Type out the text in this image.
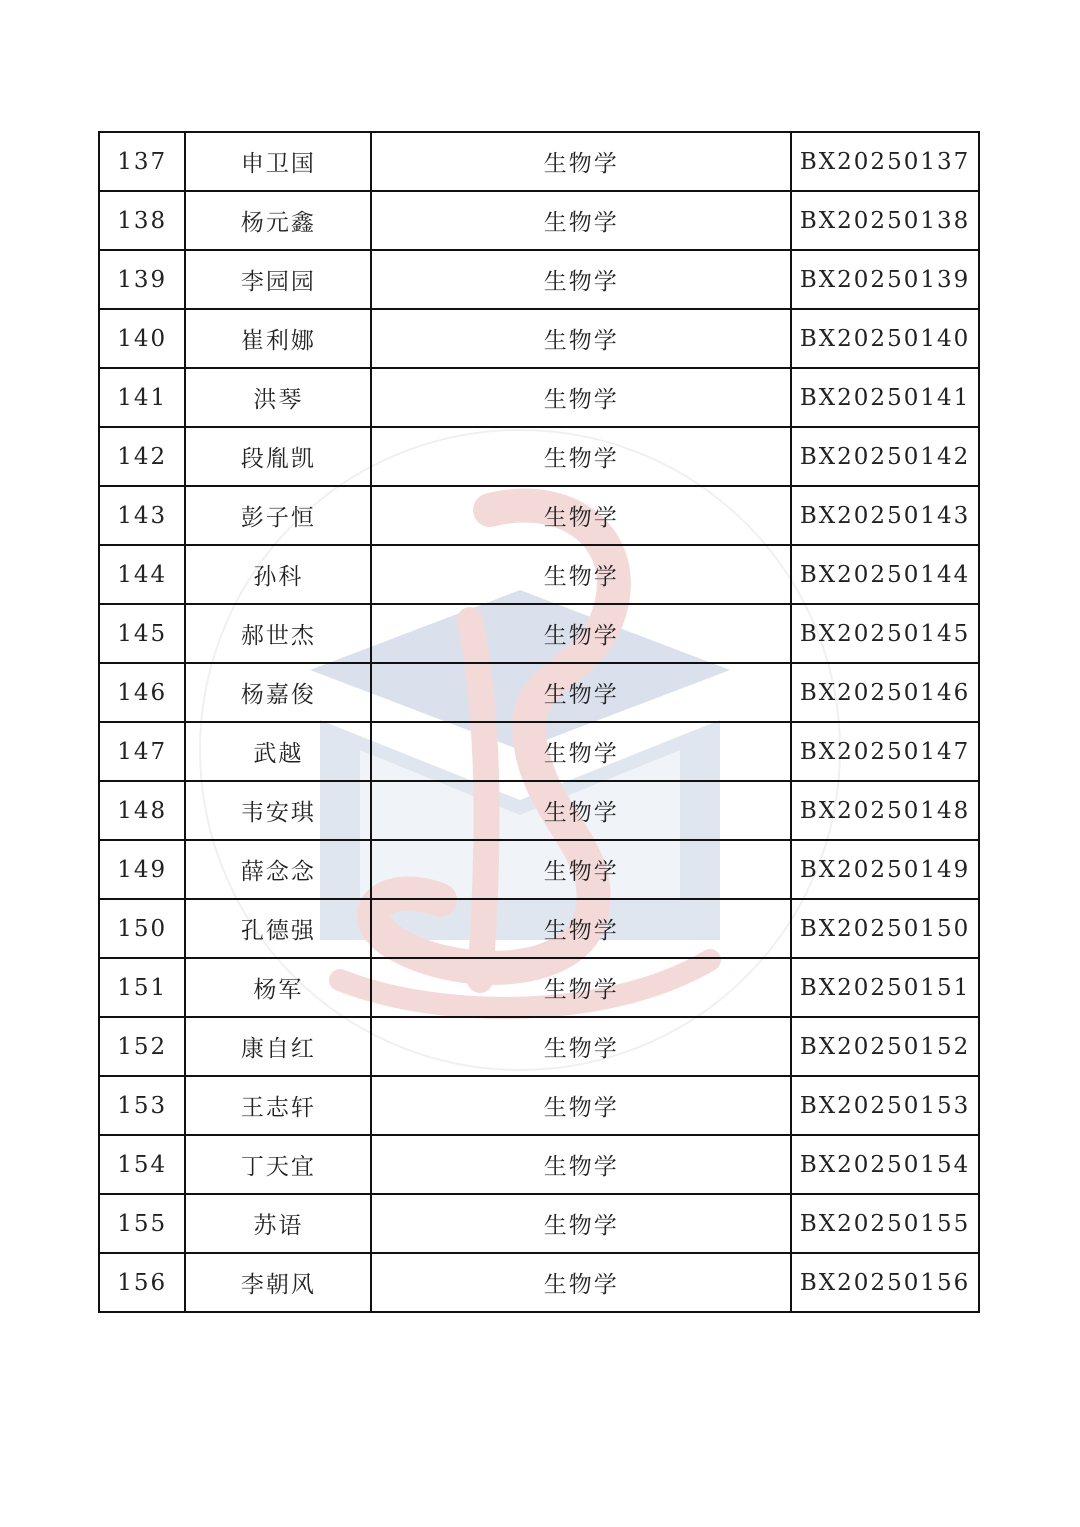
137	申卫国	生物学	BX20250137
138	杨元鑫	生物学	BX20250138
139	李园园	生物学	BX20250139
140	崔利娜	生物学	BX20250140
141	洪琴	生物学	BX20250141
142	段胤凯	生物学	BX20250142
143	彭子恒	生物学	BX20250143
144	孙科	生物学	BX20250144
145	郝世杰	生物学	BX20250145
146	杨嘉俊	生物学	BX20250146
147	武越	生物学	BX20250147
148	韦安琪	生物学	BX20250148
149	薛念念	生物学	BX20250149
150	孔德强	生物学	BX20250150
151	杨军	生物学	BX20250151
152	康自红	生物学	BX20250152
153	王志轩	生物学	BX20250153
154	丁天宜	生物学	BX20250154
155	苏语	生物学	BX20250155
156	李朝风	生物学	BX20250156
